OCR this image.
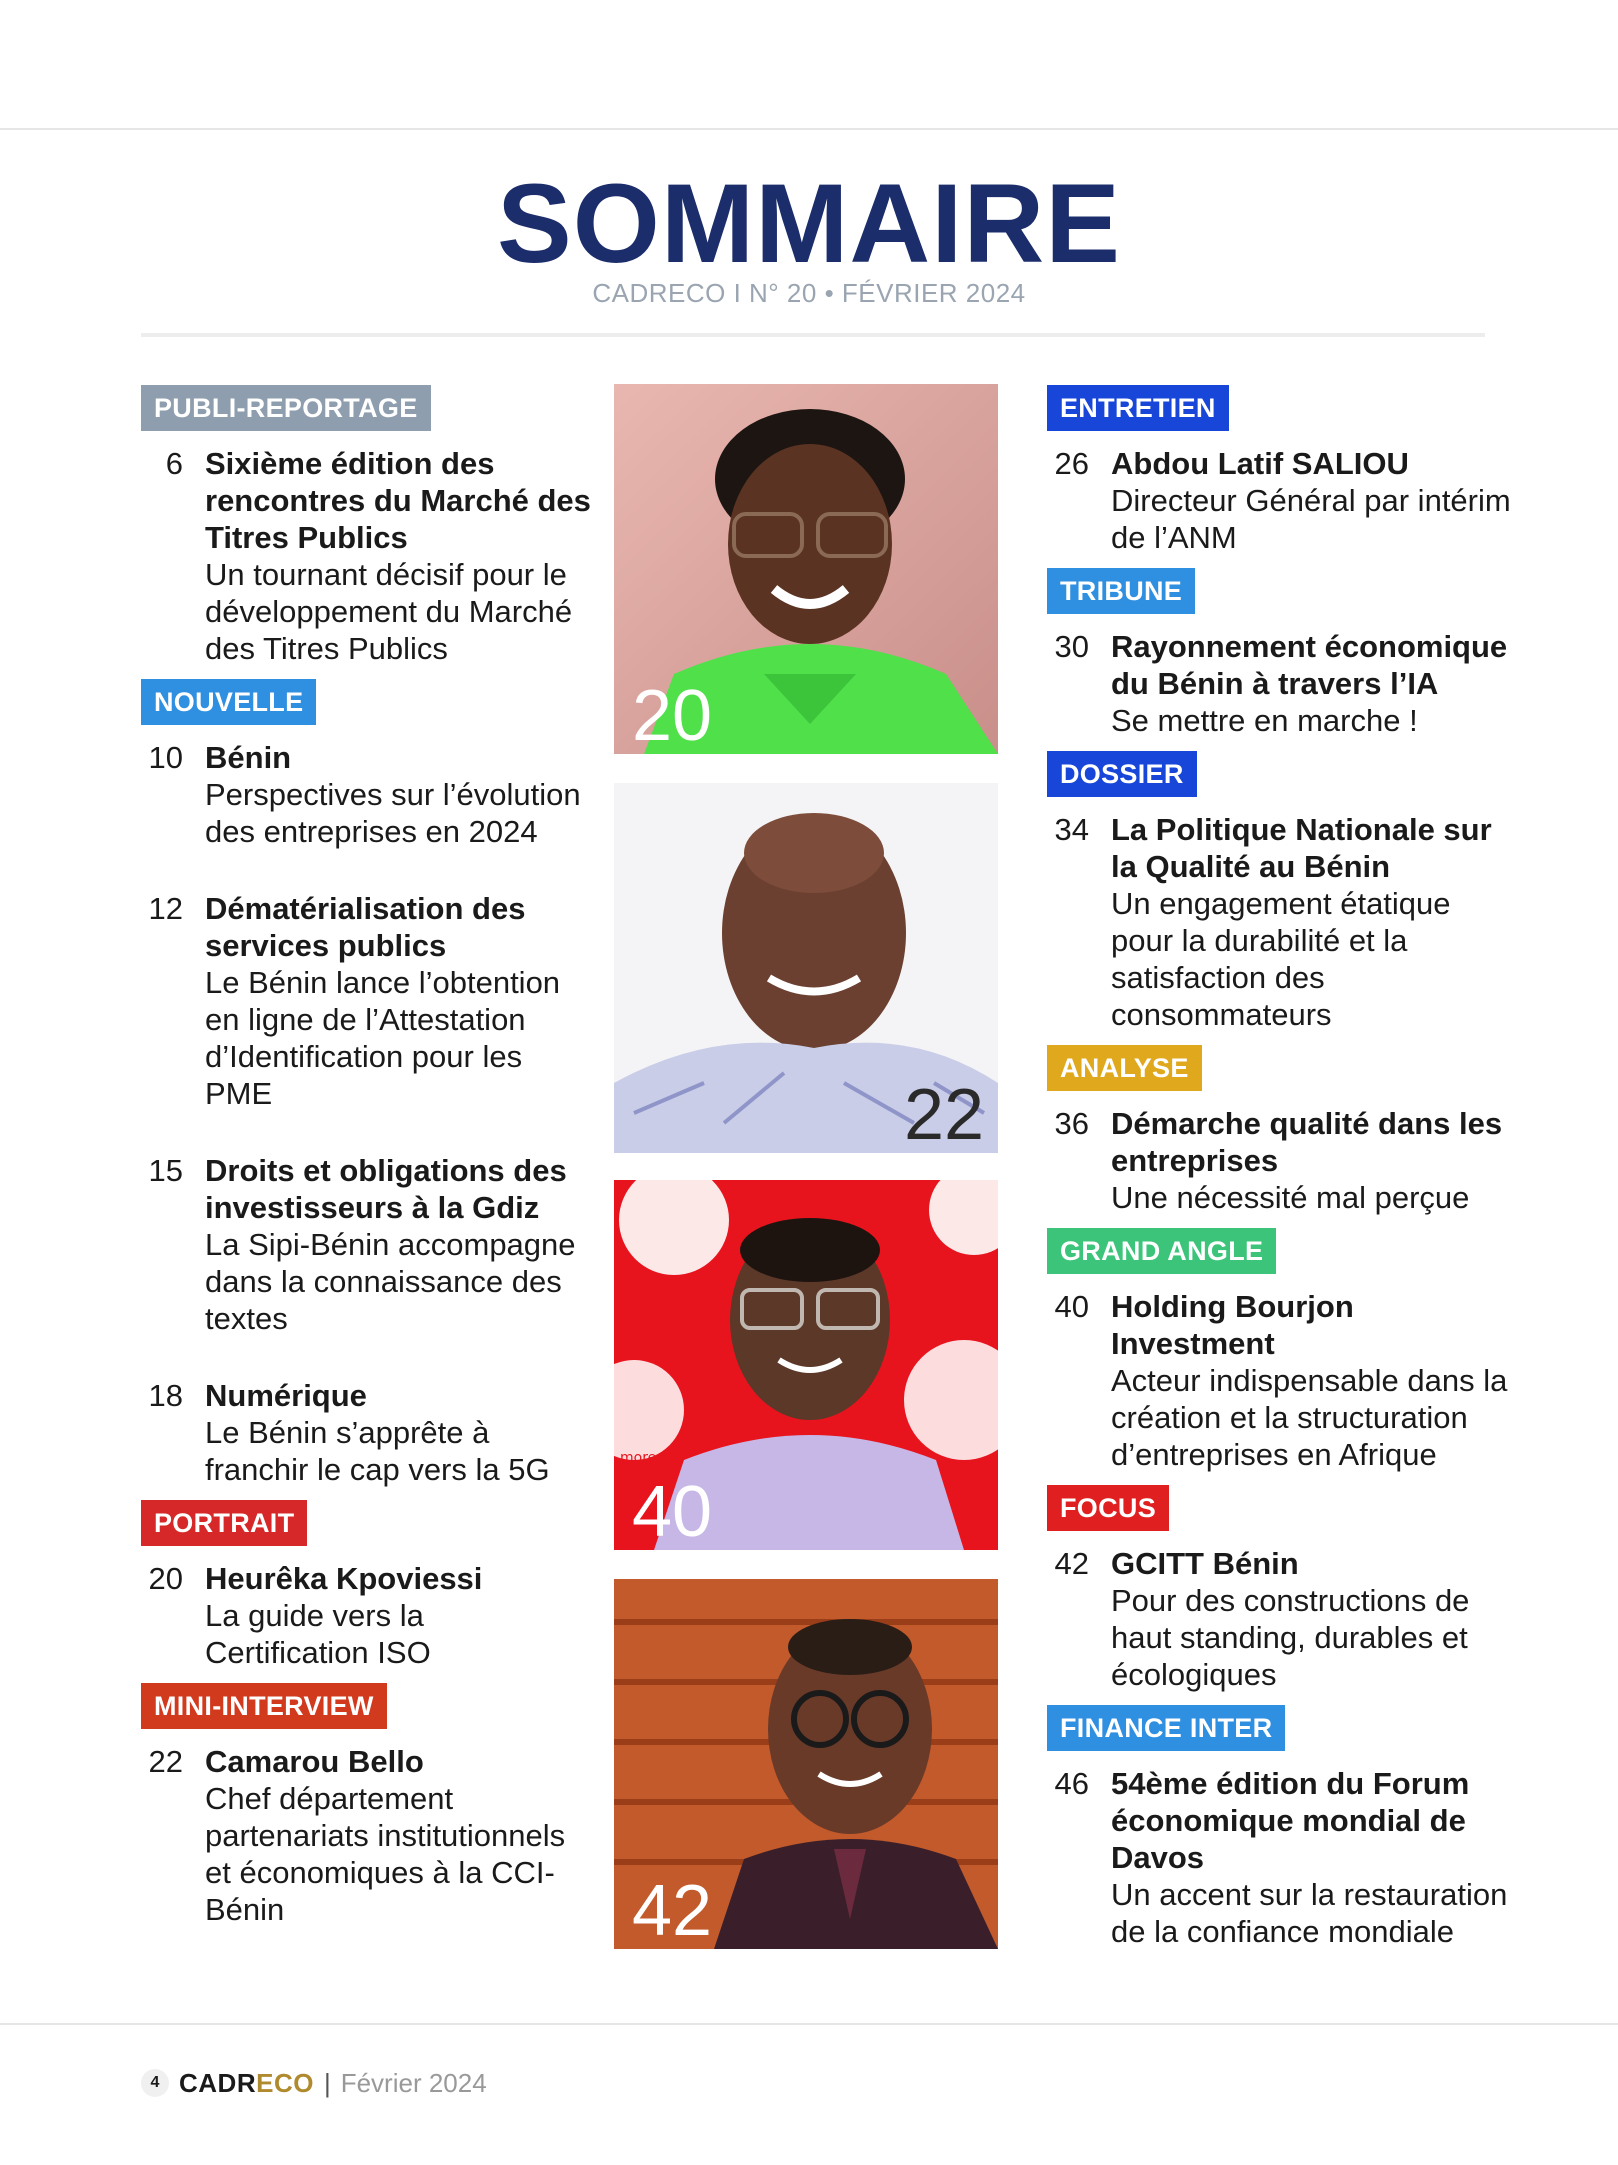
SOMMAIRE
CADRECO I N° 20 • FÉVRIER 2024
PUBLI-REPORTAGE
6 Sixième édition des rencontres du Marché des Titres Publics
Un tournant décisif pour le développement du Marché des Titres Publics
NOUVELLE
10 Bénin
Perspectives sur l’évolution des entreprises en 2024
12 Dématérialisation des services publics
Le Bénin lance l’obtention en ligne de l’Attestation d’Identification pour les PME
15 Droits et obligations des investisseurs à la Gdiz
La Sipi-Bénin accompagne dans la connaissance des textes
18 Numérique
Le Bénin s’apprête à franchir le cap vers la 5G
PORTRAIT
20 Heurêka Kpoviessi
La guide vers la Certification ISO
MINI-INTERVIEW
22 Camarou Bello
Chef département partenariats institutionnels et économiques à la CCI-Bénin
20
22
more wit
40
42
ENTRETIEN
26 Abdou Latif SALIOU
Directeur Général par intérim de l’ANM
TRIBUNE
30 Rayonnement économique du Bénin à travers l’IA
Se mettre en marche !
DOSSIER
34 La Politique Nationale sur la Qualité au Bénin
Un engagement étatique pour la durabilité et la satisfaction des consommateurs
ANALYSE
36 Démarche qualité dans les entreprises
Une nécessité mal perçue
GRAND ANGLE
40 Holding Bourjon Investment
Acteur indispensable dans la création et la structuration d’entreprises en Afrique
FOCUS
42 GCITT Bénin
Pour des constructions de haut standing, durables et écologiques
FINANCE INTER
46 54ème édition du Forum économique mondial de Davos
Un accent sur la restauration de la confiance mondiale
4 CADRECO | Février 2024
